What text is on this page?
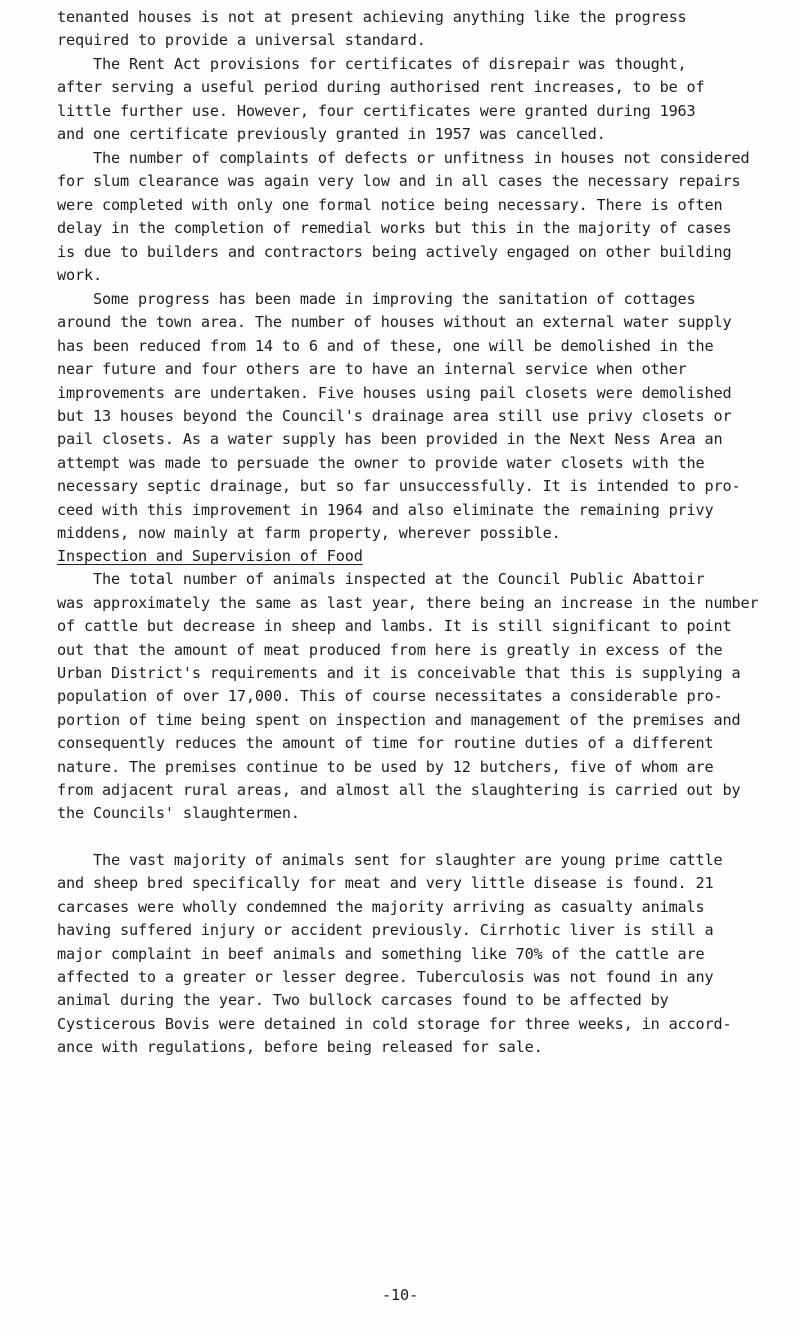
tenanted houses is not at present achieving anything like the progress
required to provide a universal standard.
The Rent Act provisions for certificates of disrepair was thought,
after serving a useful period during authorised rent increases, to be of
little further use. However, four certificates were granted during 1963
and one certificate previously granted in 1957 was cancelled.
The number of complaints of defects or unfitness in houses not considered
for slum clearance was again very low and in all cases the necessary repairs
were completed with only one formal notice being necessary. There is often
delay in the completion of remedial works but this in the majority of cases
is due to builders and contractors being actively engaged on other building
work.
Some progress has been made in improving the sanitation of cottages
around the town area. The number of houses without an external water supply
has been reduced from 14 to 6 and of these, one will be demolished in the
near future and four others are to have an internal service when other
improvements are undertaken. Five houses using pail closets were demolished
but 13 houses beyond the Council's drainage area still use privy closets or
pail closets. As a water supply has been provided in the Next Ness Area an
attempt was made to persuade the owner to provide water closets with the
necessary septic drainage, but so far unsuccessfully. It is intended to pro-
ceed with this improvement in 1964 and also eliminate the remaining privy
middens, now mainly at farm property, wherever possible.
Inspection and Supervision of Food
The total number of animals inspected at the Council Public Abattoir
was approximately the same as last year, there being an increase in the number
of cattle but decrease in sheep and lambs. It is still significant to point
out that the amount of meat produced from here is greatly in excess of the
Urban District's requirements and it is conceivable that this is supplying a
population of over 17,000. This of course necessitates a considerable pro-
portion of time being spent on inspection and management of the premises and
consequently reduces the amount of time for routine duties of a different
nature. The premises continue to be used by 12 butchers, five of whom are
from adjacent rural areas, and almost all the slaughtering is carried out by
the Councils' slaughtermen.
The vast majority of animals sent for slaughter are young prime cattle
and sheep bred specifically for meat and very little disease is found. 21
carcases were wholly condemned the majority arriving as casualty animals
having suffered injury or accident previously. Cirrhotic liver is still a
major complaint in beef animals and something like 70% of the cattle are
affected to a greater or lesser degree. Tuberculosis was not found in any
animal during the year. Two bullock carcases found to be affected by
Cysticerous Bovis were detained in cold storage for three weeks, in accord-
ance with regulations, before being released for sale.
-10-
